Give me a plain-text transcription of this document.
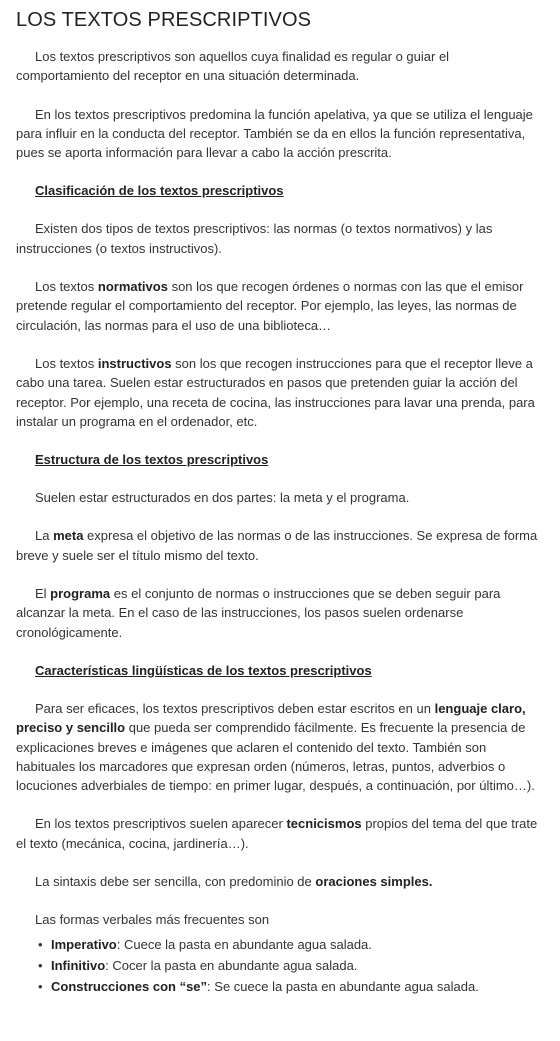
LOS TEXTOS PRESCRIPTIVOS

Los textos prescriptivos son aquellos cuya finalidad es regular o guiar el comportamiento del receptor en una situación determinada.

En los textos prescriptivos predomina la función apelativa, ya que se utiliza el lenguaje para influir en la conducta del receptor. También se da en ellos la función representativa, pues se aporta información para llevar a cabo la acción prescrita.

Clasificación de los textos prescriptivos

Existen dos tipos de textos prescriptivos: las normas (o textos normativos) y las instrucciones (o textos instructivos).

Los textos normativos son los que recogen órdenes o normas con las que el emisor pretende regular el comportamiento del receptor. Por ejemplo, las leyes, las normas de circulación, las normas para el uso de una biblioteca…

Los textos instructivos son los que recogen instrucciones para que el receptor lleve a cabo una tarea. Suelen estar estructurados en pasos que pretenden guiar la acción del receptor. Por ejemplo, una receta de cocina, las instrucciones para lavar una prenda, para instalar un programa en el ordenador, etc.

Estructura de los textos prescriptivos

Suelen estar estructurados en dos partes: la meta y el programa.

La meta expresa el objetivo de las normas o de las instrucciones. Se expresa de forma breve y suele ser el título mismo del texto.

El programa es el conjunto de normas o instrucciones que se deben seguir para alcanzar la meta. En el caso de las instrucciones, los pasos suelen ordenarse cronológicamente.

Características lingüísticas de los textos prescriptivos

Para ser eficaces, los textos prescriptivos deben estar escritos en un lenguaje claro, preciso y sencillo que pueda ser comprendido fácilmente. Es frecuente la presencia de explicaciones breves e imágenes que aclaren el contenido del texto. También son habituales los marcadores que expresan orden (números, letras, puntos, adverbios o locuciones adverbiales de tiempo: en primer lugar, después, a continuación, por último…).

En los textos prescriptivos suelen aparecer tecnicismos propios del tema del que trate el texto (mecánica, cocina, jardinería…).

La sintaxis debe ser sencilla, con predominio de oraciones simples.

Las formas verbales más frecuentes son

• Imperativo: Cuece la pasta en abundante agua salada.
• Infinitivo: Cocer la pasta en abundante agua salada.
• Construcciones con “se”: Se cuece la pasta en abundante agua salada.
